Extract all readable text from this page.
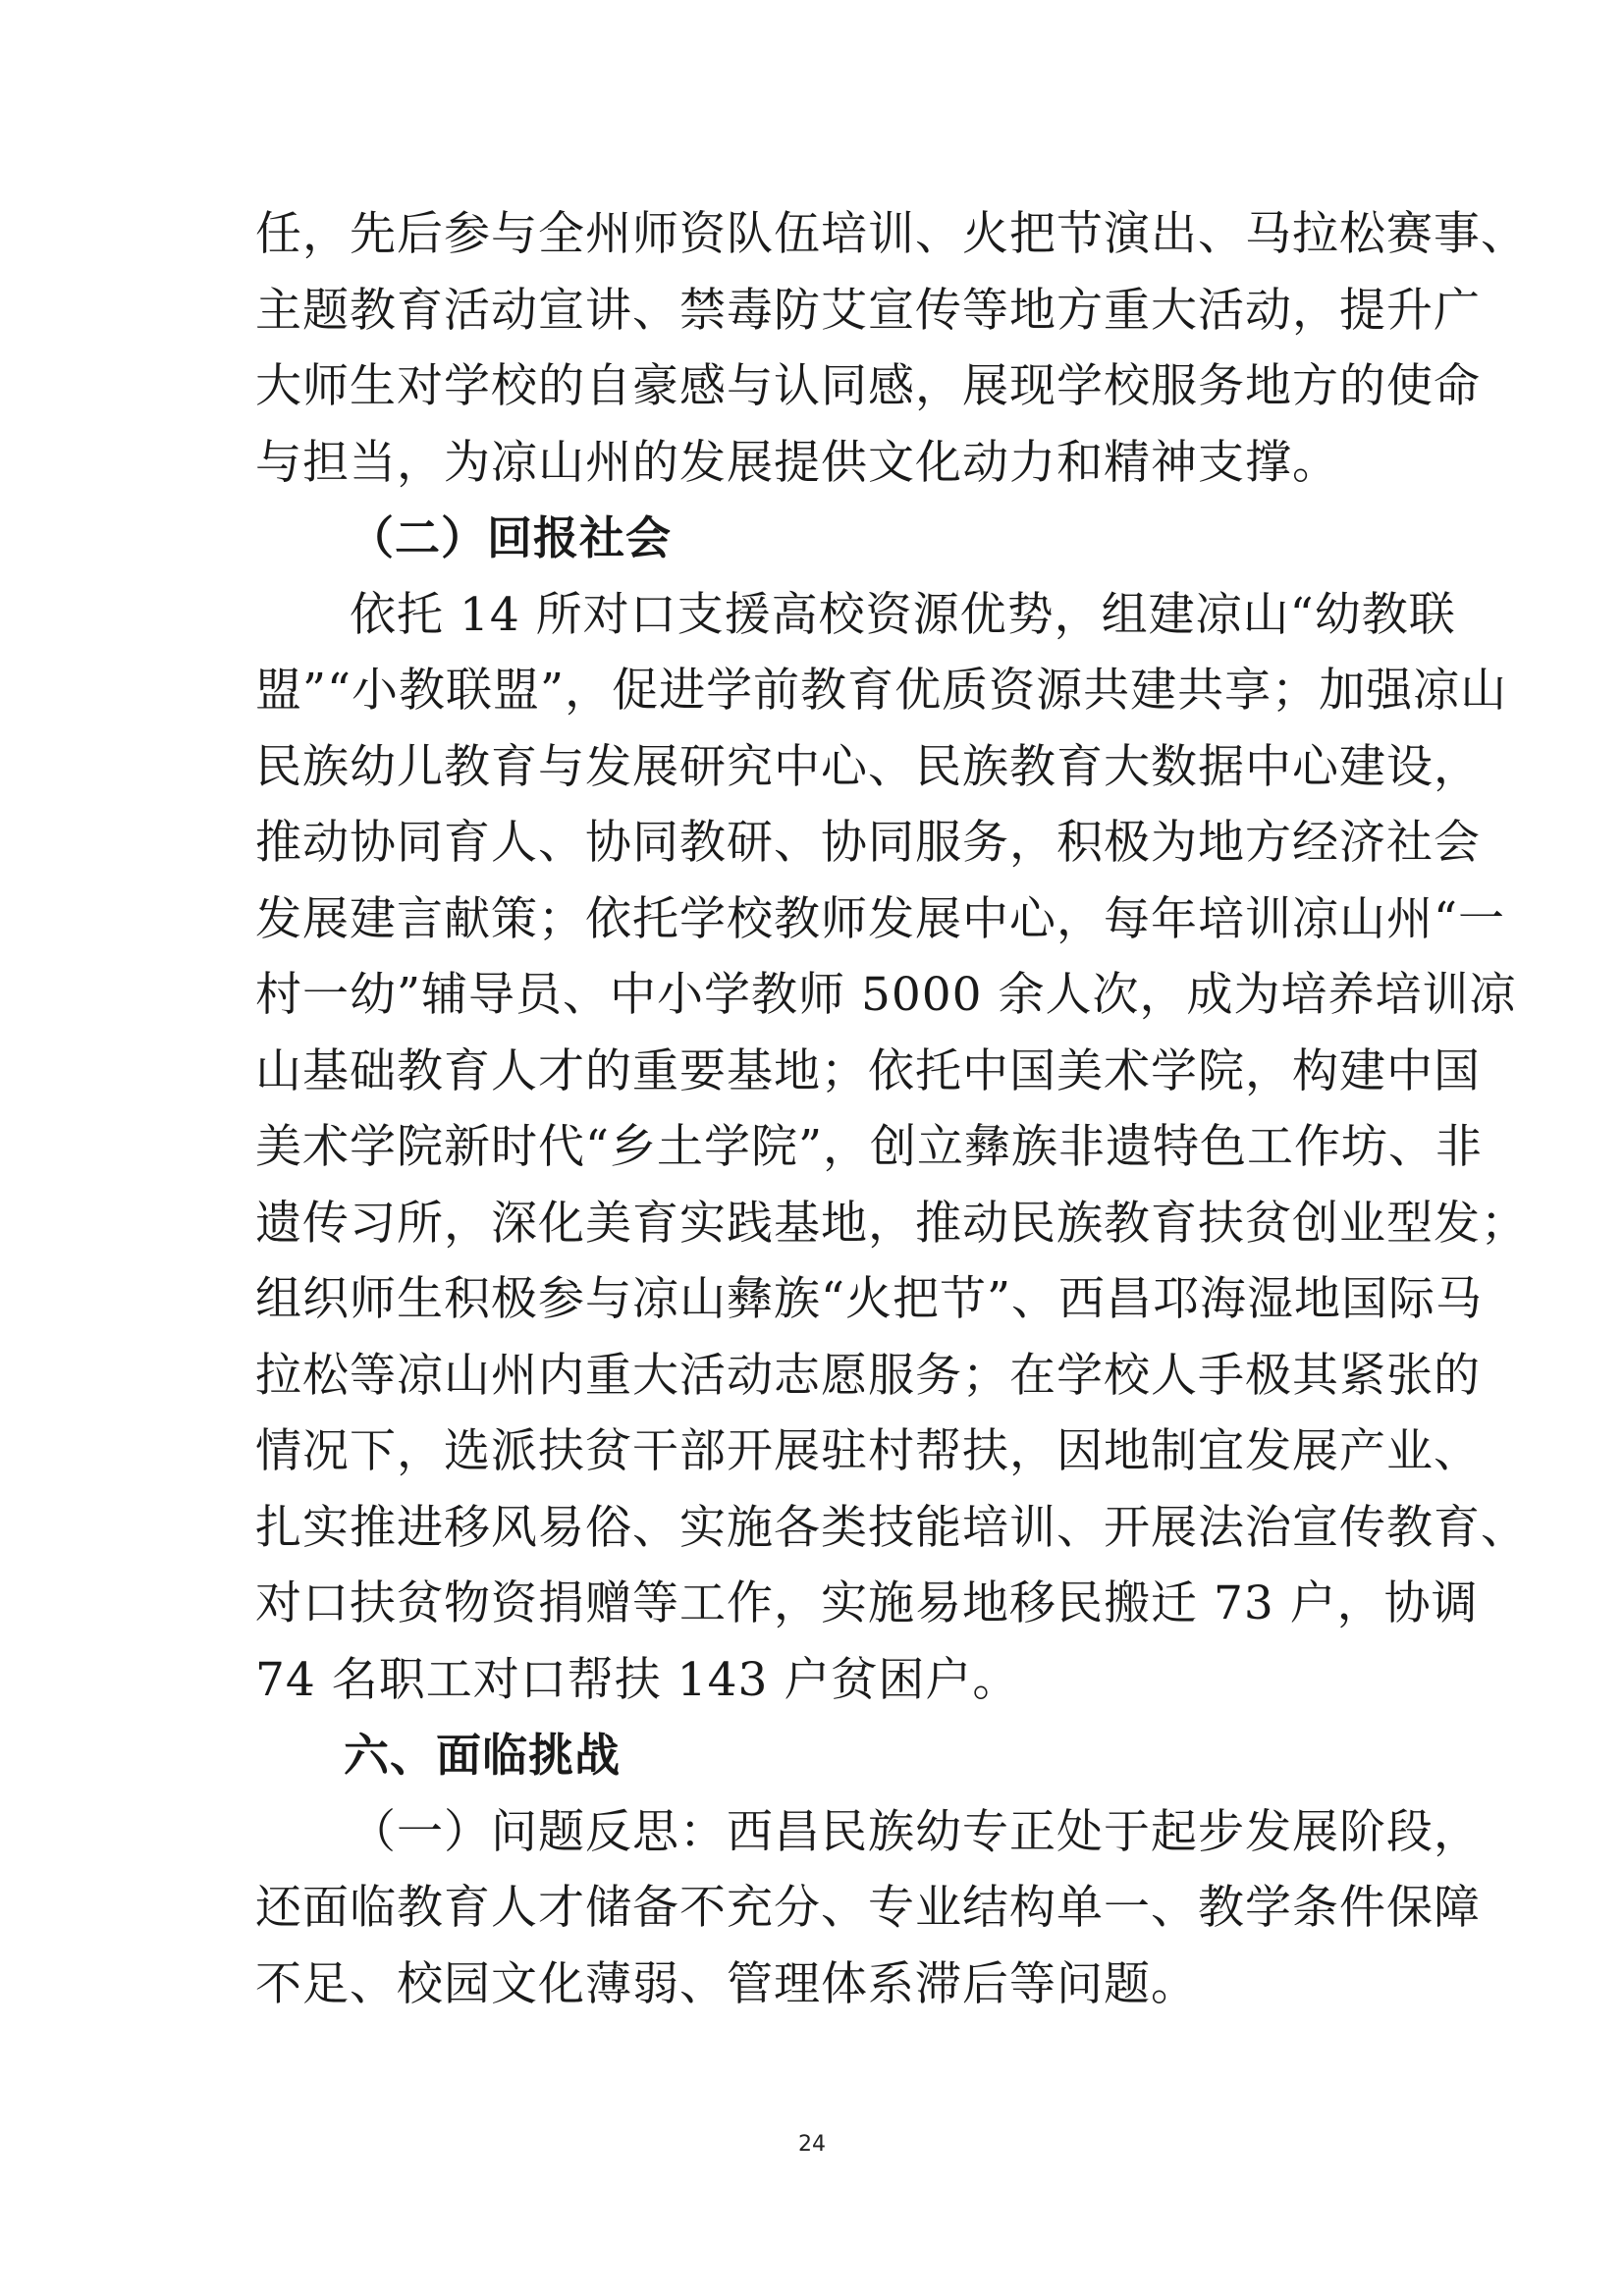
任，先后参与全州师资队伍培训、火把节演出、马拉松赛事、
主题教育活动宣讲、禁毒防艾宣传等地方重大活动，提升广
大师生对学校的自豪感与认同感，展现学校服务地方的使命
与担当，为凉山州的发展提供文化动力和精神支撑。
（二）回报社会
依托 14 所对口支援高校资源优势，组建凉山“幼教联
盟”“小教联盟”，促进学前教育优质资源共建共享；加强凉山
民族幼儿教育与发展研究中心、民族教育大数据中心建设，
推动协同育人、协同教研、协同服务，积极为地方经济社会
发展建言献策；依托学校教师发展中心，每年培训凉山州“一
村一幼”辅导员、中小学教师 5000 余人次，成为培养培训凉
山基础教育人才的重要基地；依托中国美术学院，构建中国
美术学院新时代“乡土学院”，创立彝族非遗特色工作坊、非
遗传习所，深化美育实践基地，推动民族教育扶贫创业型发；
组织师生积极参与凉山彝族“火把节”、西昌邛海湿地国际马
拉松等凉山州内重大活动志愿服务；在学校人手极其紧张的
情况下，选派扶贫干部开展驻村帮扶，因地制宜发展产业、
扎实推进移风易俗、实施各类技能培训、开展法治宣传教育、
对口扶贫物资捐赠等工作，实施易地移民搬迁 73 户，协调
74 名职工对口帮扶 143 户贫困户。
六、面临挑战
（一）问题反思：西昌民族幼专正处于起步发展阶段，
还面临教育人才储备不充分、专业结构单一、教学条件保障
不足、校园文化薄弱、管理体系滞后等问题。
24
